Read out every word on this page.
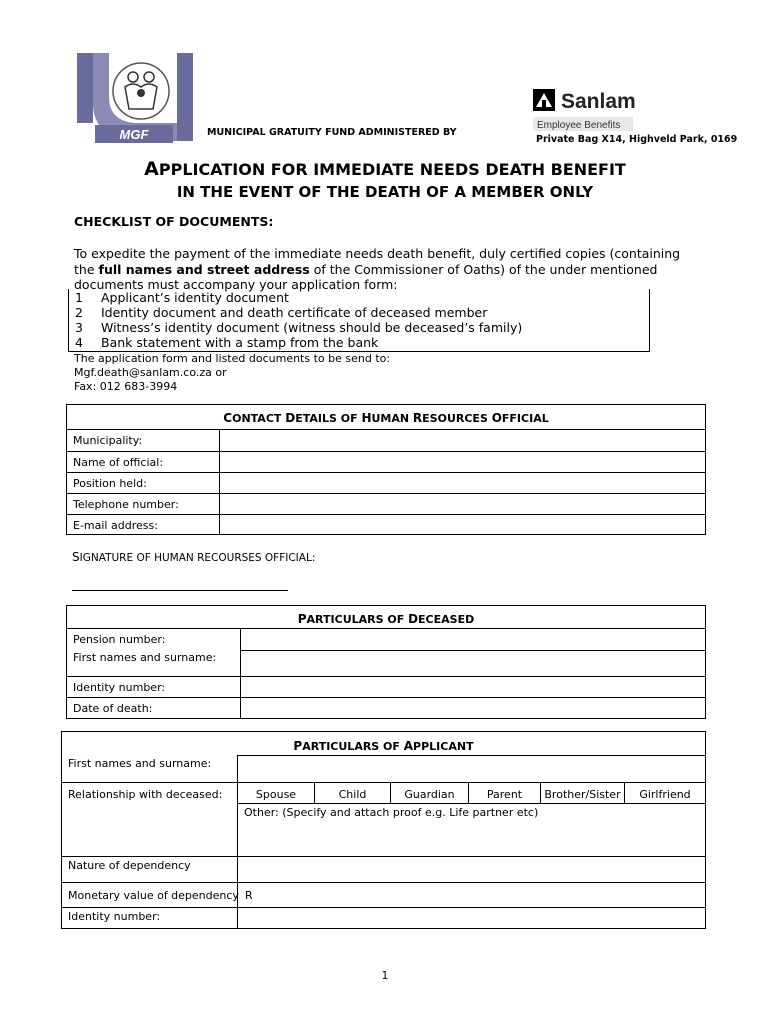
MGF	MUNICIPAL GRATUITY FUND ADMINISTERED BY
Sanlam
Employee Benefits
Private Bag X14, Highveld Park, 0169
APPLICATION FOR IMMEDIATE NEEDS DEATH BENEFIT
IN THE EVENT OF THE DEATH OF A MEMBER ONLY
CHECKLIST OF DOCUMENTS:
To expedite the payment of the immediate needs death benefit, duly certified copies (containing the full names and street address of the Commissioner of Oaths) of the under mentioned documents must accompany your application form:
1 Applicant’s identity document
2 Identity document and death certificate of deceased member
3 Witness’s identity document (witness should be deceased’s family)
4 Bank statement with a stamp from the bank
The application form and listed documents to be send to:
Mgf.death@sanlam.co.za or
Fax: 012 683-3994
CONTACT DETAILS OF HUMAN RESOURCES OFFICIAL
Municipality:
Name of official:
Position held:
Telephone number:
E-mail address:
SIGNATURE OF HUMAN RECOURSES OFFICIAL:
PARTICULARS OF DECEASED
Pension number:
First names and surname:
Identity number:
Date of death:
PARTICULARS OF APPLICANT
First names and surname:
Relationship with deceased:	Spouse	Child	Guardian	Parent	Brother/Sister	Girlfriend
Other: (Specify and attach proof e.g. Life partner etc)
Nature of dependency
Monetary value of dependency R
Identity number:
1
